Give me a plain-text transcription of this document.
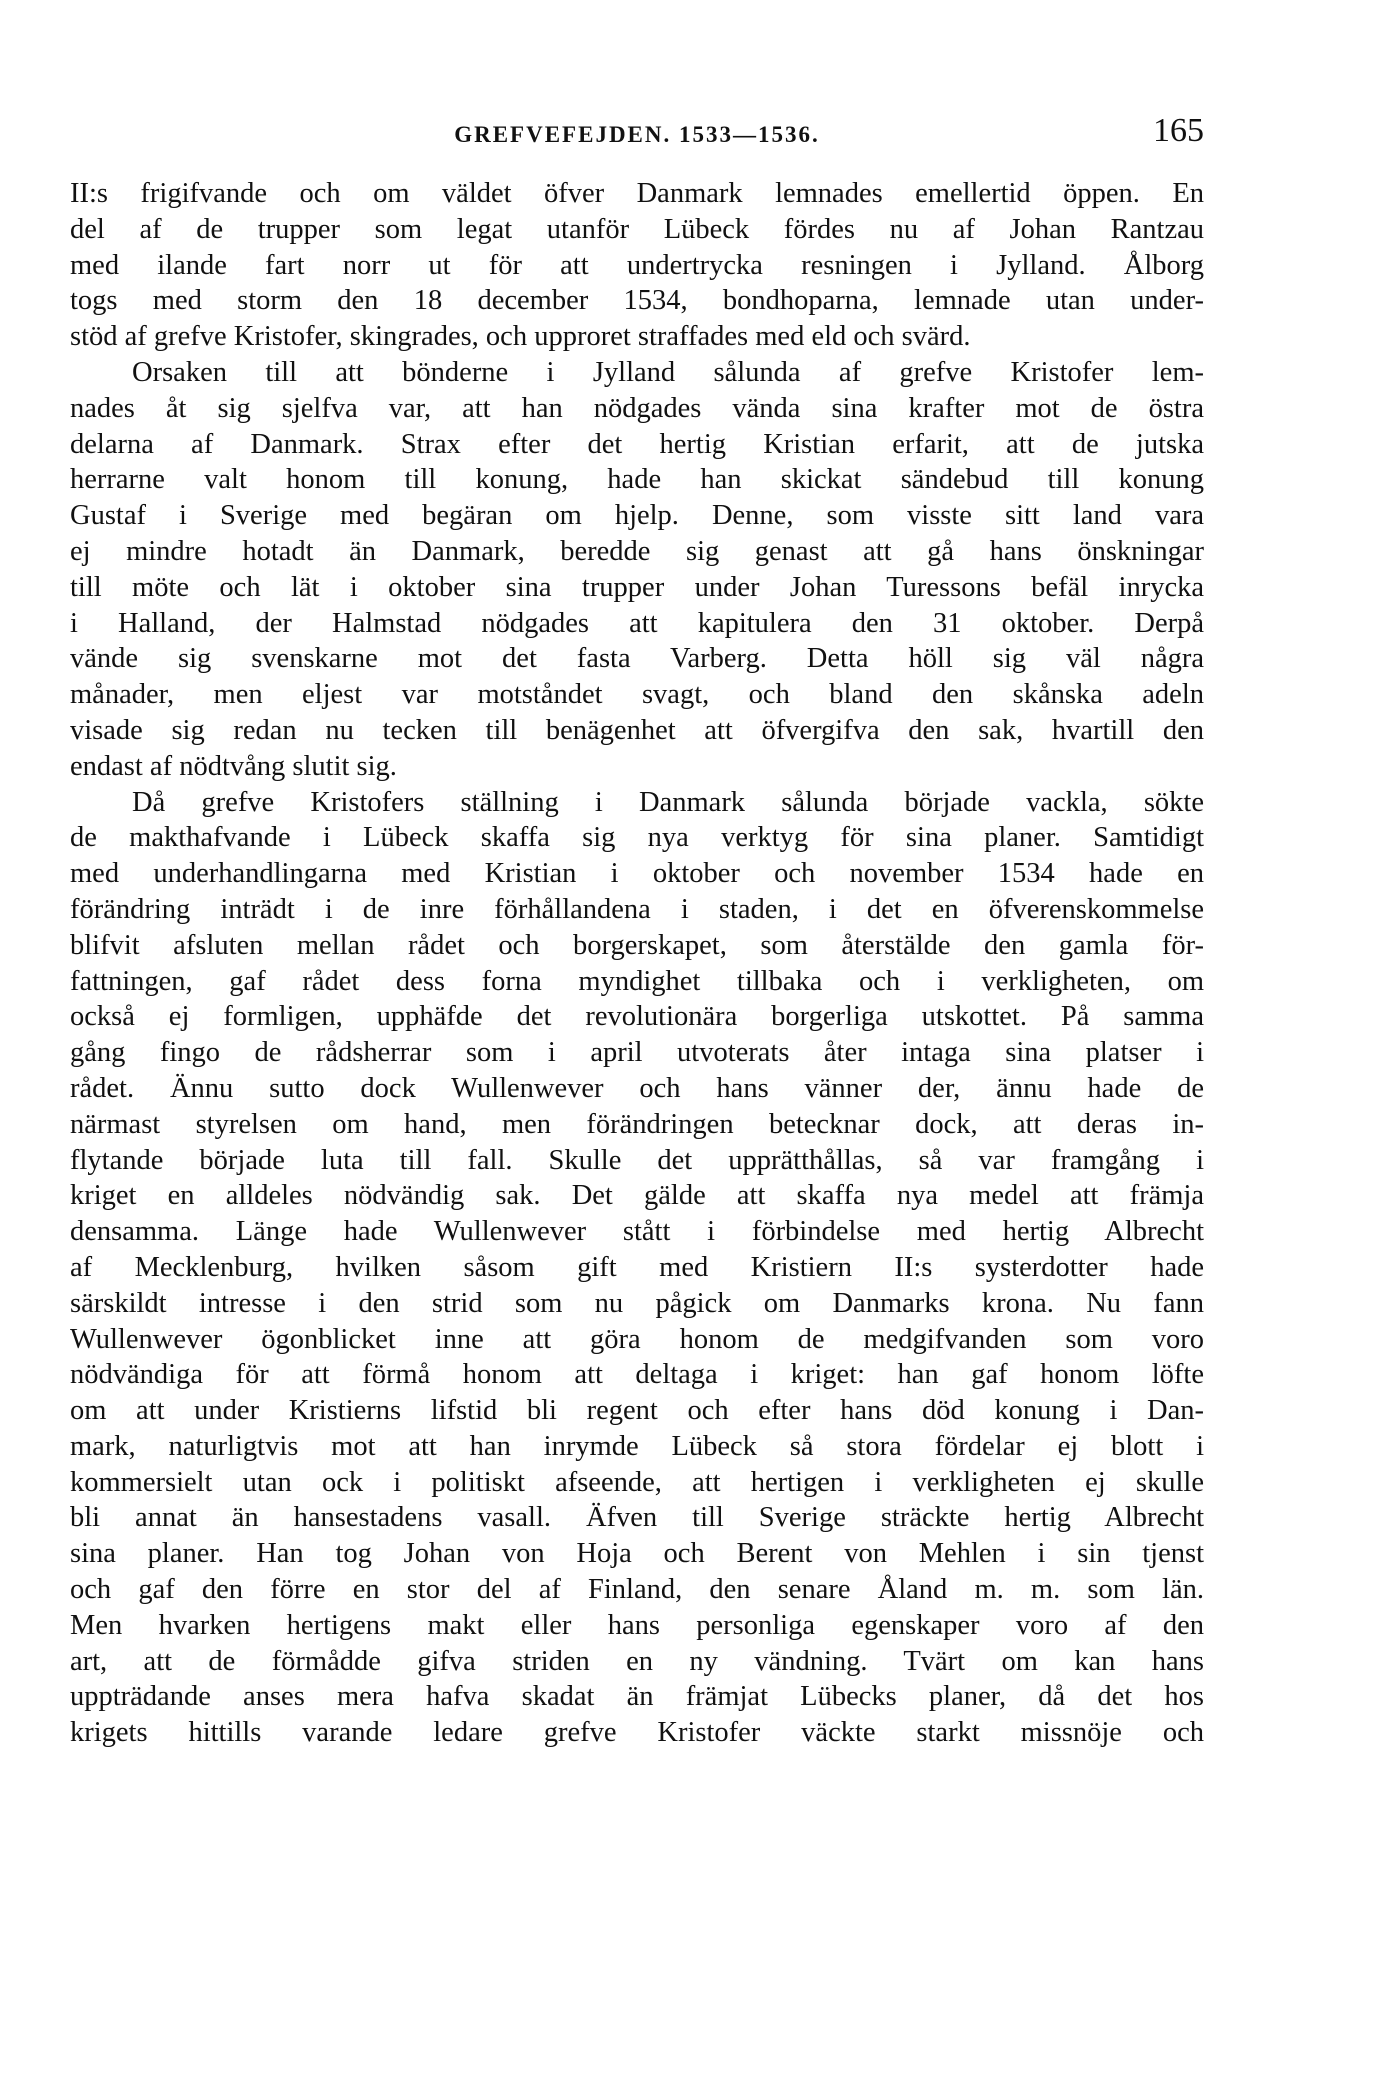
GREFVEFEJDEN. 1533—1536.	165
II:s frigifvande och om väldet öfver Danmark lemnades emellertid öppen. En
del af de trupper som legat utanför Lübeck fördes nu af Johan Rantzau
med ilande fart norr ut för att undertrycka resningen i Jylland. Ålborg
togs med storm den 18 december 1534, bondhoparna, lemnade utan under-
stöd af grefve Kristofer, skingrades, och upproret straffades med eld och svärd.
Orsaken till att bönderne i Jylland sålunda af grefve Kristofer lem-
nades åt sig sjelfva var, att han nödgades vända sina krafter mot de östra
delarna af Danmark. Strax efter det hertig Kristian erfarit, att de jutska
herrarne valt honom till konung, hade han skickat sändebud till konung
Gustaf i Sverige med begäran om hjelp. Denne, som visste sitt land vara
ej mindre hotadt än Danmark, beredde sig genast att gå hans önskningar
till möte och lät i oktober sina trupper under Johan Turessons befäl inrycka
i Halland, der Halmstad nödgades att kapitulera den 31 oktober. Derpå
vände sig svenskarne mot det fasta Varberg. Detta höll sig väl några
månader, men eljest var motståndet svagt, och bland den skånska adeln
visade sig redan nu tecken till benägenhet att öfvergifva den sak, hvartill den
endast af nödtvång slutit sig.
Då grefve Kristofers ställning i Danmark sålunda började vackla, sökte
de makthafvande i Lübeck skaffa sig nya verktyg för sina planer. Samtidigt
med underhandlingarna med Kristian i oktober och november 1534 hade en
förändring inträdt i de inre förhållandena i staden, i det en öfverenskommelse
blifvit afsluten mellan rådet och borgerskapet, som återstälde den gamla för-
fattningen, gaf rådet dess forna myndighet tillbaka och i verkligheten, om
också ej formligen, upphäfde det revolutionära borgerliga utskottet. På samma
gång fingo de rådsherrar som i april utvoterats åter intaga sina platser i
rådet. Ännu sutto dock Wullenwever och hans vänner der, ännu hade de
närmast styrelsen om hand, men förändringen betecknar dock, att deras in-
flytande började luta till fall. Skulle det upprätthållas, så var framgång i
kriget en alldeles nödvändig sak. Det gälde att skaffa nya medel att främja
densamma. Länge hade Wullenwever stått i förbindelse med hertig Albrecht
af Mecklenburg, hvilken såsom gift med Kristiern II:s systerdotter hade
särskildt intresse i den strid som nu pågick om Danmarks krona. Nu fann
Wullenwever ögonblicket inne att göra honom de medgifvanden som voro
nödvändiga för att förmå honom att deltaga i kriget: han gaf honom löfte
om att under Kristierns lifstid bli regent och efter hans död konung i Dan-
mark, naturligtvis mot att han inrymde Lübeck så stora fördelar ej blott i
kommersielt utan ock i politiskt afseende, att hertigen i verkligheten ej skulle
bli annat än hansestadens vasall. Äfven till Sverige sträckte hertig Albrecht
sina planer. Han tog Johan von Hoja och Berent von Mehlen i sin tjenst
och gaf den förre en stor del af Finland, den senare Åland m. m. som län.
Men hvarken hertigens makt eller hans personliga egenskaper voro af den
art, att de förmådde gifva striden en ny vändning. Tvärt om kan hans
uppträdande anses mera hafva skadat än främjat Lübecks planer, då det hos
krigets hittills varande ledare grefve Kristofer väckte starkt missnöje och
